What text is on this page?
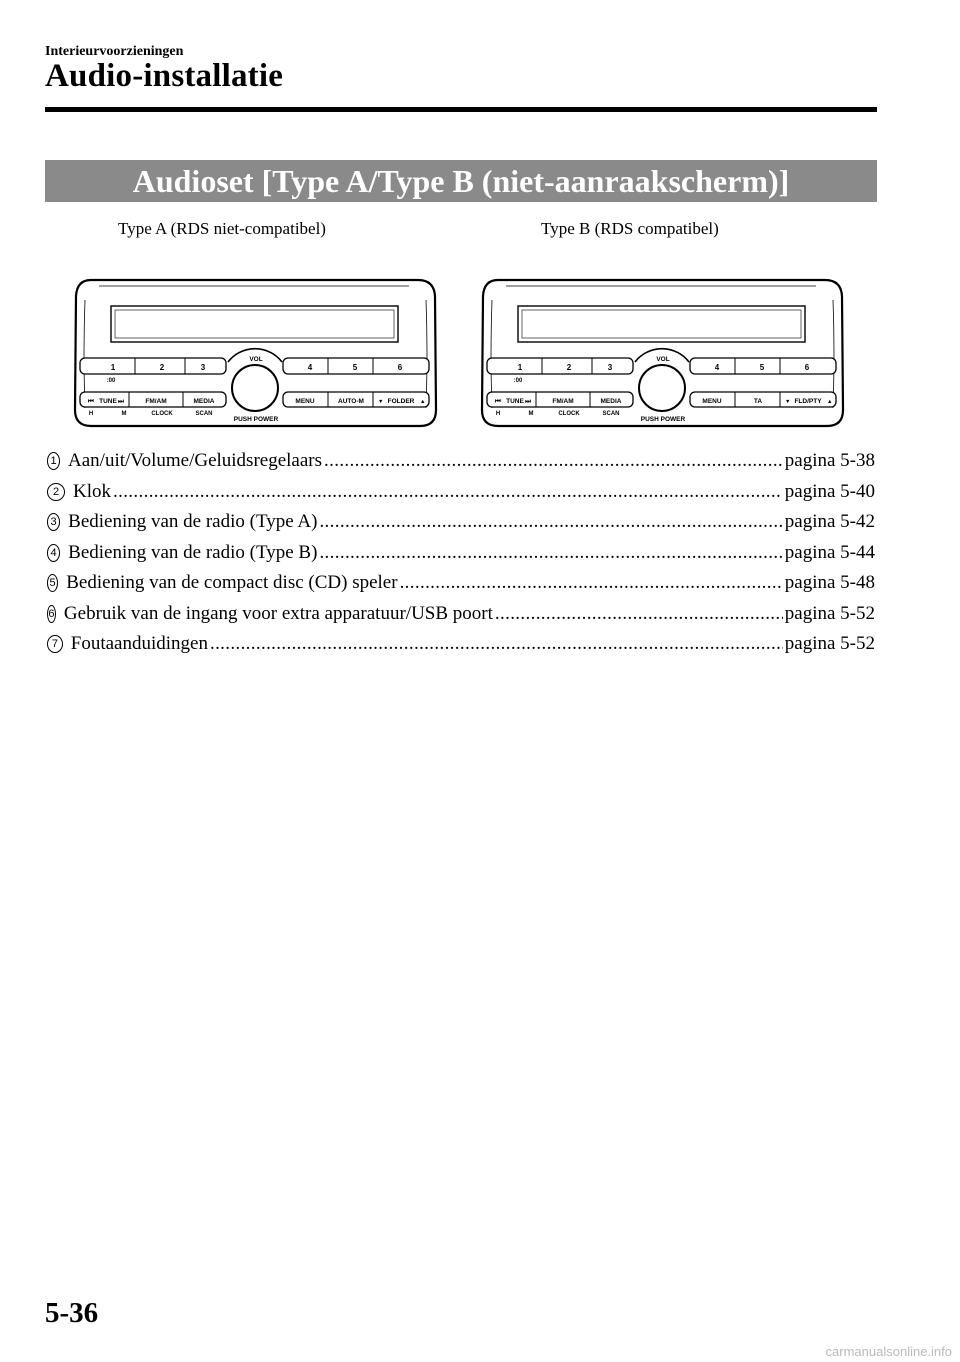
Interieurvoorzieningen
Audio-installatie
Audioset [Type A/Type B (niet-aanraakscherm)]
Type A (RDS niet-compatibel)	Type B (RDS compatibel)
1	2	3	4	5	6
:00
VOL
PUSH POWER
⏮ TUNE ⏭	FM/AM	MEDIA
H	M	CLOCK	SCAN
MENU	AUTO-M	▼ FOLDER ▲
1	2	3	4	5	6
:00
VOL
PUSH POWER
⏮ TUNE ⏭	FM/AM	MEDIA
H	M	CLOCK	SCAN
MENU	TA	▼ FLD/PTY ▲
1 Aan/uit/Volume/Geluidsregelaars . . .	pagina 5-38
2 Klok . . .	pagina 5-40
3 Bediening van de radio (Type A) . . .	pagina 5-42
4 Bediening van de radio (Type B) . . .	pagina 5-44
5 Bediening van de compact disc (CD) speler . . .	pagina 5-48
6 Gebruik van de ingang voor extra apparatuur/USB poort . . .	pagina 5-52
7 Foutaanduidingen . . .	pagina 5-52
5-36
carmanualsonline.info
